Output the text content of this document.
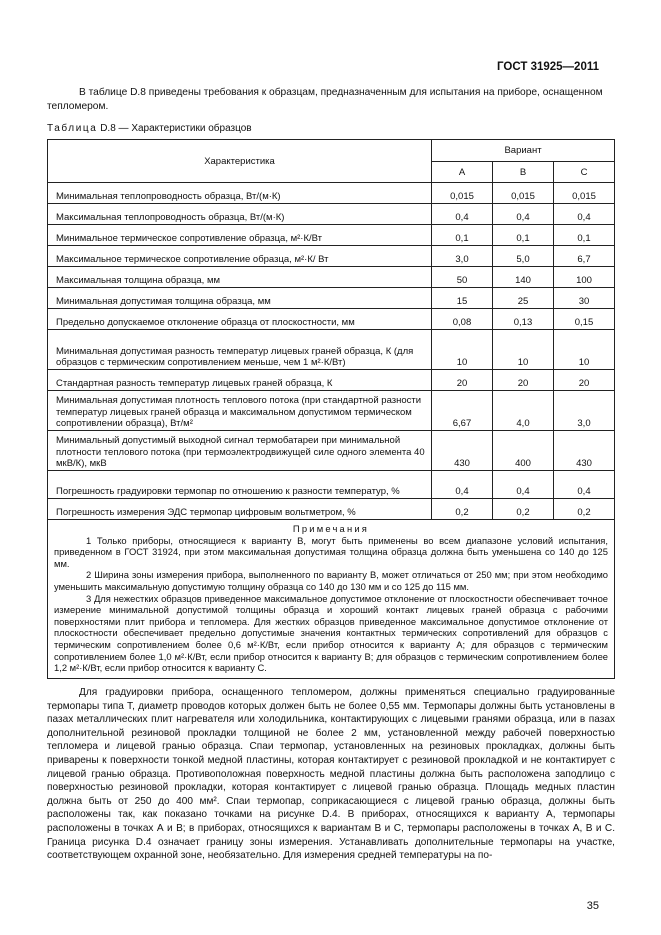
ГОСТ 31925—2011
В таблице D.8 приведены требования к образцам, предназначенным для испытания на приборе, оснащенном тепломером.
Таблица D.8 — Характеристики образцов
Характеристика	Вариант		
	А	В	С
Минимальная теплопроводность образца, Вт/(м·К)	0,015	0,015	0,015
Максимальная теплопроводность образца, Вт/(м·К)	0,4	0,4	0,4
Минимальное термическое сопротивление образца, м²·К/Вт	0,1	0,1	0,1
Максимальное термическое сопротивление образца, м²·К/ Вт	3,0	5,0	6,7
Максимальная толщина образца, мм	50	140	100
Минимальная допустимая толщина образца, мм	15	25	30
Предельно допускаемое отклонение образца от плоскостности, мм	0,08	0,13	0,15
Минимальная допустимая разность температур лицевых граней образца, К (для образцов с термическим сопротивлением меньше, чем 1 м²·К/Вт)	10	10	10
Стандартная разность температур лицевых граней образца, К	20	20	20
Минимальная допустимая плотность теплового потока (при стандартной разности температур лицевых граней образца и максимальном допустимом термическом сопротивлении образца), Вт/м²	6,67	4,0	3,0
Минимальный допустимый выходной сигнал термобатареи при минимальной плотности теплового потока (при термоэлектродвижущей силе одного элемента 40 мкВ/К), мкВ	430	400	430
Погрешность градуировки термопар по отношению к разности температур, %	0,4	0,4	0,4
Погрешность измерения ЭДС термопар цифровым вольтметром, %	0,2	0,2	0,2

Примечания

1 Только приборы, относящиеся к варианту В, могут быть применены во всем диапазоне условий испытания, приведенном в ГОСТ 31924, при этом максимальная допустимая толщина образца должна быть уменьшена со 140 до 125 мм.

2 Ширина зоны измерения прибора, выполненного по варианту В, может отличаться от 250 мм; при этом необходимо уменьшить максимальную допустимую толщину образца со 140 до 130 мм и со 125 до 115 мм.

3 Для нежестких образцов приведенное максимальное допустимое отклонение от плоскостности обеспечивает точное измерение минимальной допустимой толщины образца и хороший контакт лицевых граней образца с рабочими поверхностями плит прибора и тепломера. Для жестких образцов приведенное максимальное допустимое отклонение от плоскостности обеспечивает предельно допустимые значения контактных термических сопротивлений для образцов с термическим сопротивлением более 0,6 м²·К/Вт, если прибор относится к варианту А; для образцов с термическим сопротивлением более 1,0 м²·К/Вт, если прибор относится к варианту В; для образцов с термическим сопротивлением более 1,2 м²·К/Вт, если прибор относится к варианту С.			

Для градуировки прибора, оснащенного тепломером, должны применяться специально градуированные термопары типа T, диаметр проводов которых должен быть не более 0,55 мм. Термопары должны быть установлены в пазах металлических плит нагревателя или холодильника, контактирующих с лицевыми гранями образца, или в пазах дополнительной резиновой прокладки толщиной не более 2 мм, установленной между рабочей поверхностью тепломера и лицевой гранью образца. Спаи термопар, установленных на резиновых прокладках, должны быть приварены к поверхности тонкой медной пластины, которая контактирует с резиновой прокладкой и не контактирует с лицевой гранью образца. Противоположная поверхность медной пластины должна быть расположена заподлицо с поверхностью резиновой прокладки, которая контактирует с лицевой гранью образца. Площадь медных пластин должна быть от 250 до 400 мм². Спаи термопар, соприкасающиеся с лицевой гранью образца, должны быть расположены так, как показано точками на рисунке D.4. В приборах, относящихся к варианту А, термопары расположены в точках А и В; в приборах, относящихся к вариантам В и С, термопары расположены в точках А, В и С. Граница рисунка D.4 означает границу зоны измерения. Устанавливать дополнительные термопары на участке, соответствующем охранной зоне, необязательно. Для измерения средней температуры на по-

35
